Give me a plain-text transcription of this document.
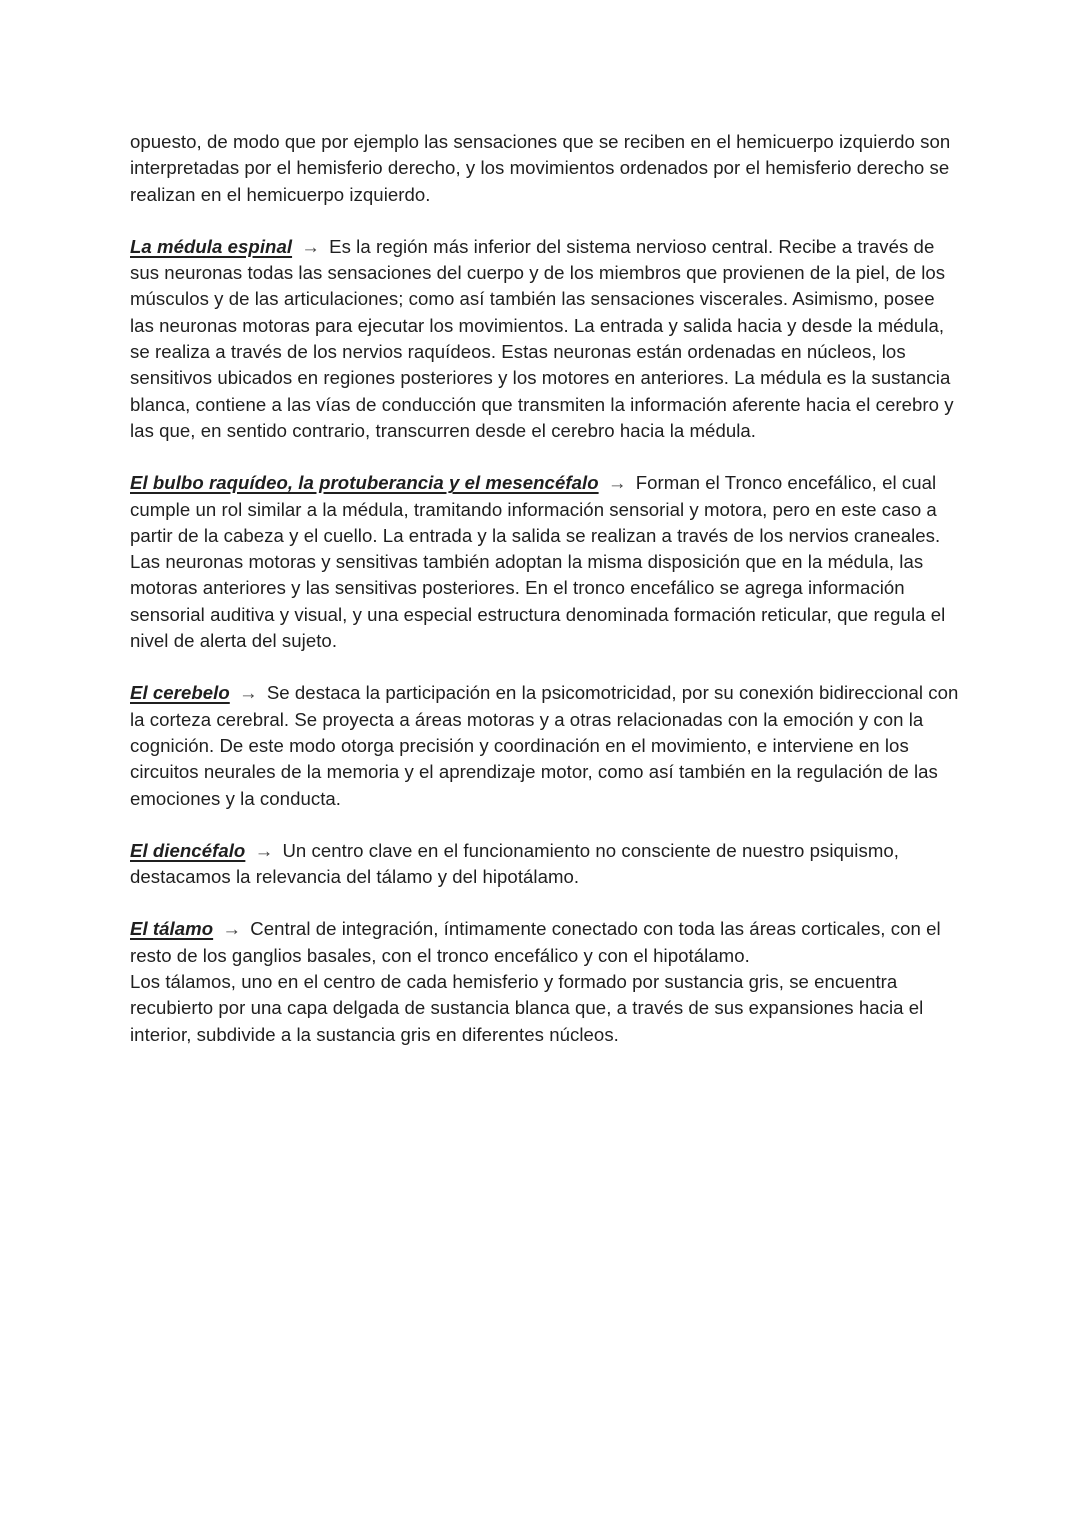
opuesto, de modo que por ejemplo las sensaciones que se reciben en el hemicuerpo izquierdo son interpretadas por el hemisferio derecho, y los movimientos ordenados por el hemisferio derecho se realizan en el hemicuerpo izquierdo.

La médula espinal → Es la región más inferior del sistema nervioso central. Recibe a través de sus neuronas todas las sensaciones del cuerpo y de los miembros que provienen de la piel, de los músculos y de las articulaciones; como así también las sensaciones viscerales. Asimismo, posee las neuronas motoras para ejecutar los movimientos. La entrada y salida hacia y desde la médula, se realiza a través de los nervios raquídeos. Estas neuronas están ordenadas en núcleos, los sensitivos ubicados en regiones posteriores y los motores en anteriores. La médula es la sustancia blanca, contiene a las vías de conducción que transmiten la información aferente hacia el cerebro y las que, en sentido contrario, transcurren desde el cerebro hacia la médula.

El bulbo raquídeo, la protuberancia y el mesencéfalo → Forman el Tronco encefálico, el cual cumple un rol similar a la médula, tramitando información sensorial y motora, pero en este caso a partir de la cabeza y el cuello. La entrada y la salida se realizan a través de los nervios craneales. Las neuronas motoras y sensitivas también adoptan la misma disposición que en la médula, las motoras anteriores y las sensitivas posteriores. En el tronco encefálico se agrega información sensorial auditiva y visual, y una especial estructura denominada formación reticular, que regula el nivel de alerta del sujeto.

El cerebelo → Se destaca la participación en la psicomotricidad, por su conexión bidireccional con la corteza cerebral. Se proyecta a áreas motoras y a otras relacionadas con la emoción y con la cognición. De este modo otorga precisión y coordinación en el movimiento, e interviene en los circuitos neurales de la memoria y el aprendizaje motor, como así también en la regulación de las emociones y la conducta.

El diencéfalo → Un centro clave en el funcionamiento no consciente de nuestro psiquismo, destacamos la relevancia del tálamo y del hipotálamo.

El tálamo → Central de integración, íntimamente conectado con toda las áreas corticales, con el resto de los ganglios basales, con el tronco encefálico y con el hipotálamo.
Los tálamos, uno en el centro de cada hemisferio y formado por sustancia gris, se encuentra recubierto por una capa delgada de sustancia blanca que, a través de sus expansiones hacia el interior, subdivide a la sustancia gris en diferentes núcleos.
